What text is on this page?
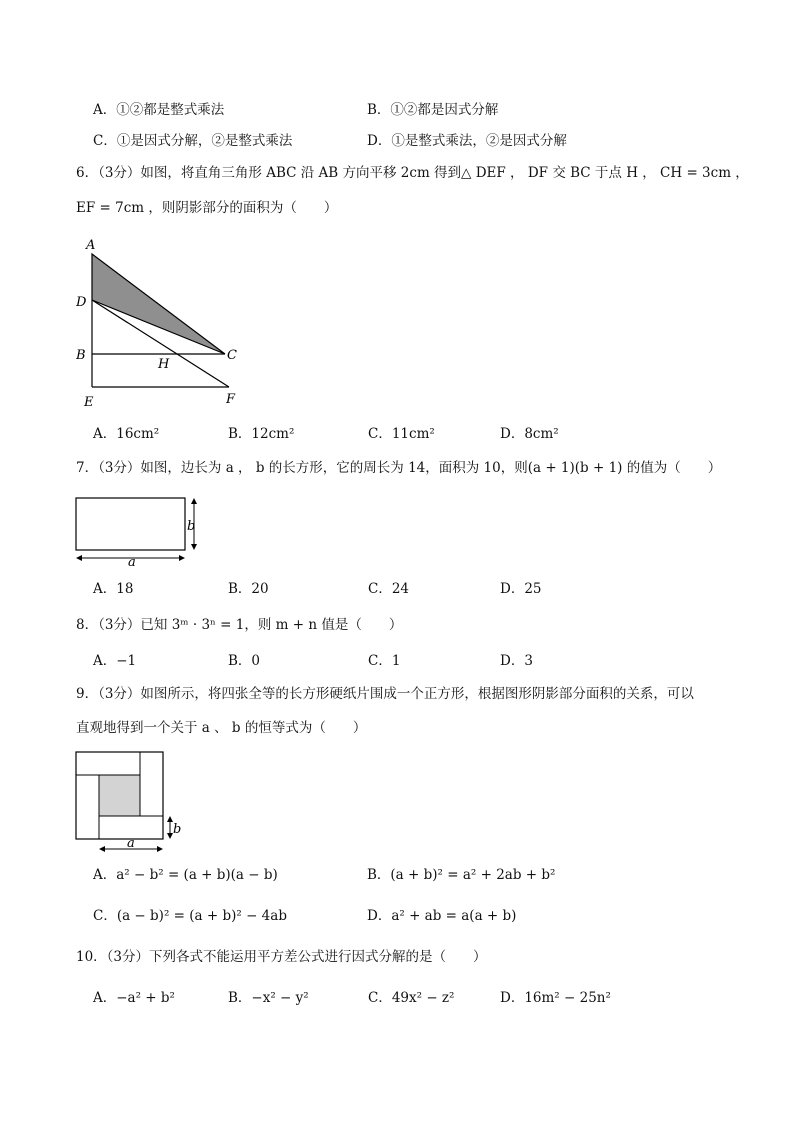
A．①②都是整式乘法	B．①②都是因式分解
C．①是因式分解，②是整式乘法	D．①是整式乘法，②是因式分解
6．（3分）如图，将直角三角形 ABC 沿 AB 方向平移 2cm 得到△ DEF ， DF 交 BC 于点 H ， CH = 3cm ，
EF = 7cm ，则阴影部分的面积为（　　）
A
D
B
H
C
E	F
A．16cm²	B．12cm²	C．11cm²	D．8cm²
7．（3分）如图，边长为 a ， b 的长方形，它的周长为 14，面积为 10，则(a + 1)(b + 1) 的值为（　　）
b
a
A．18	B．20	C．24	D．25
8．（3分）已知 3ᵐ · 3ⁿ = 1，则 m + n 值是（　　）
A．−1	B．0	C．1	D．3
9．（3分）如图所示，将四张全等的长方形硬纸片围成一个正方形，根据图形阴影部分面积的关系，可以
直观地得到一个关于 a 、 b 的恒等式为（　　）
b
a
A．a² − b² = (a + b)(a − b)	B．(a + b)² = a² + 2ab + b²
C．(a − b)² = (a + b)² − 4ab	D．a² + ab = a(a + b)
10．（3分）下列各式不能运用平方差公式进行因式分解的是（　　）
A．−a² + b²	B．−x² − y²	C．49x² − z²	D．16m² − 25n²
